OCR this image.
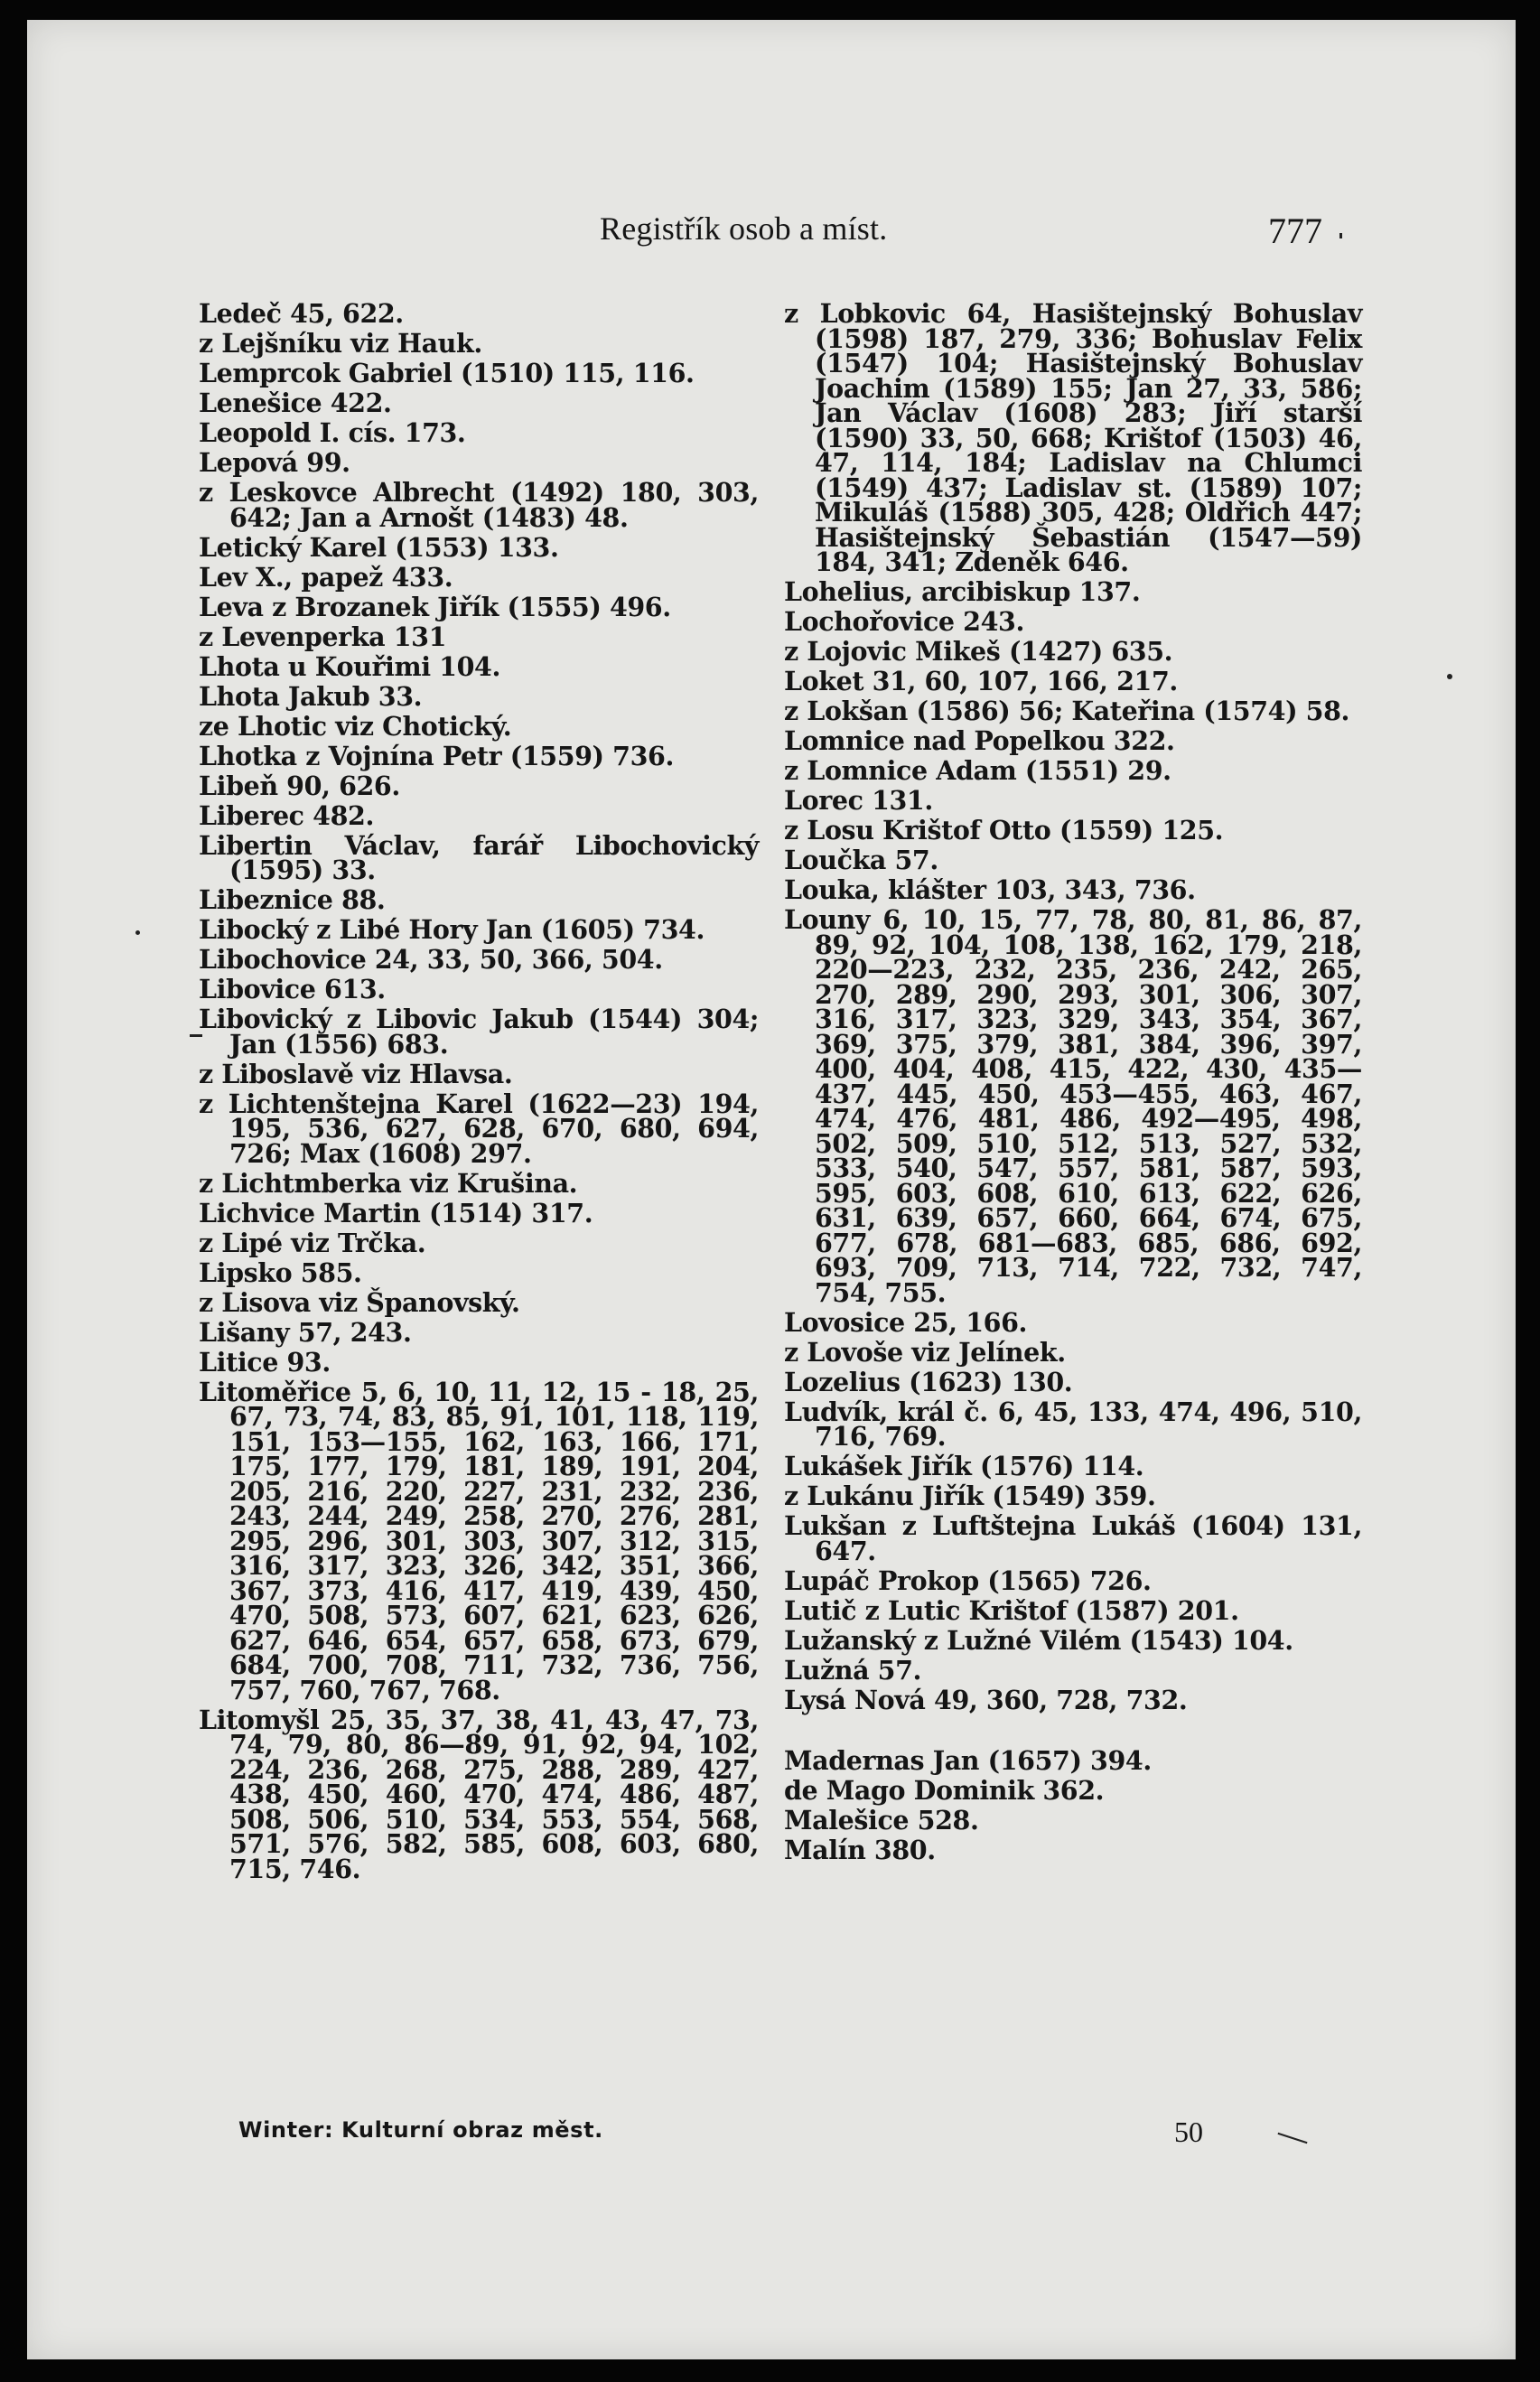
Registřík osob a míst.	777
Ledeč 45, 622.
z Lejšníku viz Hauk.
Lemprcok Gabriel (1510) 115, 116.
Lenešice 422.
Leopold I. cís. 173.
Lepová 99.
z Leskovce Albrecht (1492) 180, 303, 642; Jan a Arnošt (1483) 48.
Letický Karel (1553) 133.
Lev X., papež 433.
Leva z Brozanek Jiřík (1555) 496.
z Levenperka 131
Lhota u Kouřimi 104.
Lhota Jakub 33.
ze Lhotic viz Chotický.
Lhotka z Vojnína Petr (1559) 736.
Libeň 90, 626.
Liberec 482.
Libertin Václav, farář Libochovický (1595) 33.
Libeznice 88.
Libocký z Libé Hory Jan (1605) 734.
Libochovice 24, 33, 50, 366, 504.
Libovice 613.
Libovický z Libovic Jakub (1544) 304; Jan (1556) 683.
z Liboslavě viz Hlavsa.
z Lichtenštejna Karel (1622—23) 194, 195, 536, 627, 628, 670, 680, 694, 726; Max (1608) 297.
z Lichtmberka viz Krušina.
Lichvice Martin (1514) 317.
z Lipé viz Trčka.
Lipsko 585.
z Lisova viz Španovský.
Lišany 57, 243.
Litice 93.
Litoměřice 5, 6, 10, 11, 12, 15 - 18, 25, 67, 73, 74, 83, 85, 91, 101, 118, 119, 151, 153—155, 162, 163, 166, 171, 175, 177, 179, 181, 189, 191, 204, 205, 216, 220, 227, 231, 232, 236, 243, 244, 249, 258, 270, 276, 281, 295, 296, 301, 303, 307, 312, 315, 316, 317, 323, 326, 342, 351, 366, 367, 373, 416, 417, 419, 439, 450, 470, 508, 573, 607, 621, 623, 626, 627, 646, 654, 657, 658, 673, 679, 684, 700, 708, 711, 732, 736, 756, 757, 760, 767, 768.
Litomyšl 25, 35, 37, 38, 41, 43, 47, 73, 74, 79, 80, 86—89, 91, 92, 94, 102, 224, 236, 268, 275, 288, 289, 427, 438, 450, 460, 470, 474, 486, 487, 508, 506, 510, 534, 553, 554, 568, 571, 576, 582, 585, 608, 603, 680, 715, 746.
z Lobkovic 64, Hasištejnský Bohuslav (1598) 187, 279, 336; Bohuslav Felix (1547) 104; Hasištejnský Bohuslav Joachim (1589) 155; Jan 27, 33, 586; Jan Václav (1608) 283; Jiří starší (1590) 33, 50, 668; Krištof (1503) 46, 47, 114, 184; Ladislav na Chlumci (1549) 437; Ladislav st. (1589) 107; Mikuláš (1588) 305, 428; Oldřich 447; Hasištejnský Šebastián (1547—59) 184, 341; Zdeněk 646.
Lohelius, arcibiskup 137.
Lochořovice 243.
z Lojovic Mikeš (1427) 635.
Loket 31, 60, 107, 166, 217.
z Lokšan (1586) 56; Kateřina (1574) 58.
Lomnice nad Popelkou 322.
z Lomnice Adam (1551) 29.
Lorec 131.
z Losu Krištof Otto (1559) 125.
Loučka 57.
Louka, klášter 103, 343, 736.
Louny 6, 10, 15, 77, 78, 80, 81, 86, 87, 89, 92, 104, 108, 138, 162, 179, 218, 220—223, 232, 235, 236, 242, 265, 270, 289, 290, 293, 301, 306, 307, 316, 317, 323, 329, 343, 354, 367, 369, 375, 379, 381, 384, 396, 397, 400, 404, 408, 415, 422, 430, 435—437, 445, 450, 453—455, 463, 467, 474, 476, 481, 486, 492—495, 498, 502, 509, 510, 512, 513, 527, 532, 533, 540, 547, 557, 581, 587, 593, 595, 603, 608, 610, 613, 622, 626, 631, 639, 657, 660, 664, 674, 675, 677, 678, 681—683, 685, 686, 692, 693, 709, 713, 714, 722, 732, 747, 754, 755.
Lovosice 25, 166.
z Lovoše viz Jelínek.
Lozelius (1623) 130.
Ludvík, král č. 6, 45, 133, 474, 496, 510, 716, 769.
Lukášek Jiřík (1576) 114.
z Lukánu Jiřík (1549) 359.
Lukšan z Luftštejna Lukáš (1604) 131, 647.
Lupáč Prokop (1565) 726.
Lutič z Lutic Krištof (1587) 201.
Lužanský z Lužné Vilém (1543) 104.
Lužná 57.
Lysá Nová 49, 360, 728, 732.
Madernas Jan (1657) 394.
de Mago Dominik 362.
Malešice 528.
Malín 380.
Winter: Kulturní obraz měst.	50
